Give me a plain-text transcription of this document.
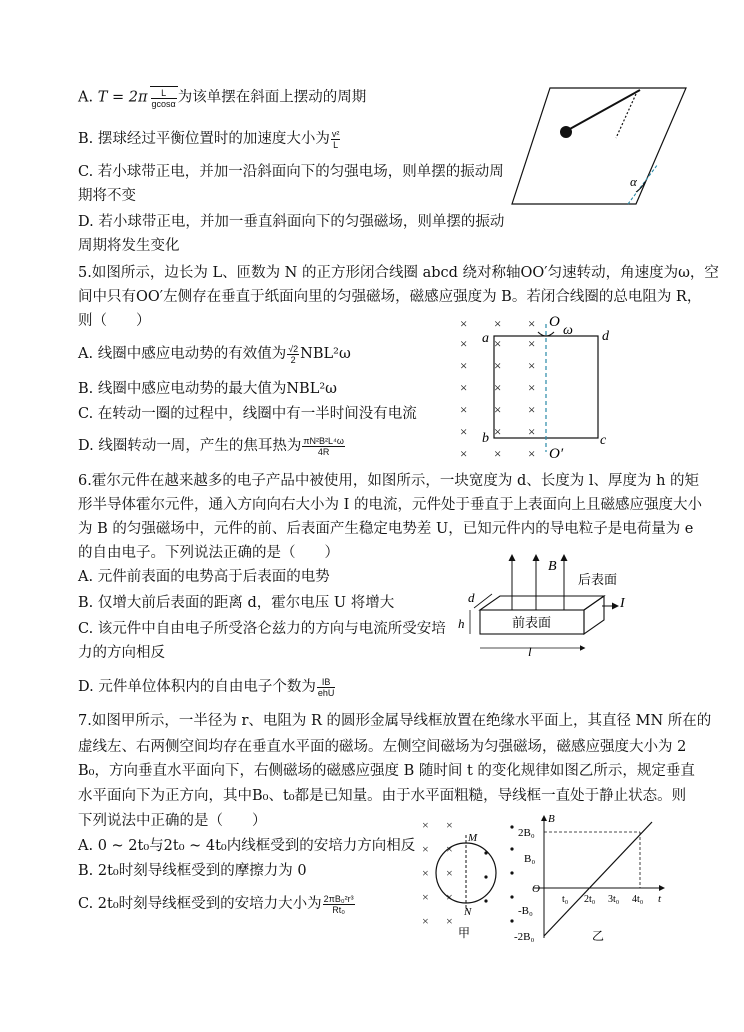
A. $T = 2\pi \frac{L}{gcos\alpha}$ 为该单摆在斜面上摆动的周期
B. 摆球经过平衡位置时的加速度大小为 $\frac{\text{v²}}{L}$
C. 若小球带正电，并加一沿斜面向下的匀强电场，则单摆的振动周
期将不变
D. 若小球带正电，并加一垂直斜面向下的匀强磁场，则单摆的振动
周期将发生变化
α
5.如图所示，边长为 L、匝数为 N 的正方形闭合线圈 abcd 绕对称轴OO′匀速转动，角速度为ω，空
间中只有OO′左侧存在垂直于纸面向里的匀强磁场，磁感应强度为 B。若闭合线圈的总电阻为 R，
则（　　）
A. 线圈中感应电动势的有效值为 $\frac{√2}{2} NBL^2\omega$
B. 线圈中感应电动势的最大值为NBL²ω
C. 在转动一圈的过程中，线圈中有一半时间没有电流
D. 线圈转动一周，产生的焦耳热为 $\frac{\text{πN²B²L⁴ω}}{4R}$
× × ×
× × ×
× × ×
× × ×
× × ×
× × ×
× × ×
O
ω
a	d
b	c
O′
6.霍尔元件在越来越多的电子产品中被使用，如图所示，一块宽度为 d、长度为 l、厚度为 h 的矩
形半导体霍尔元件，通入方向向右大小为 I 的电流，元件处于垂直于上表面向上且磁感应强度大小
为 B 的匀强磁场中，元件的前、后表面产生稳定电势差 U，已知元件内的导电粒子是电荷量为 e
的自由电子。下列说法正确的是（　　）
A. 元件前表面的电势高于后表面的电势
B. 仅增大前后表面的距离 d，霍尔电压 U 将增大
C. 该元件中自由电子所受洛仑兹力的方向与电流所受安培
力的方向相反
D. 元件单位体积内的自由电子个数为 $\frac{IB}{\text{ehU}}$
B
后表面
前表面
I
d
h
l
7.如图甲所示，一半径为 r、电阻为 R 的圆形金属导线框放置在绝缘水平面上，其直径 MN 所在的
虚线左、右两侧空间均存在垂直水平面的磁场。左侧空间磁场为匀强磁场，磁感应强度大小为 2
B₀，方向垂直水平面向下，右侧磁场的磁感应强度 B 随时间 t 的变化规律如图乙所示，规定垂直
水平面向下为正方向，其中B₀、t₀都是已知量。由于水平面粗糙，导线框一直处于静止状态。则
下列说法中正确的是（　　）
A. 0 ~ 2t₀与2t₀ ~ 4t₀内线框受到的安培力方向相反
B. 2t₀时刻导线框受到的摩擦力为 0
C. 2t₀时刻导线框受到的安培力大小为 $\frac{\text{2πB₀²r³}}{\text{Rt₀}}$
× ×
× ×
× ×
× ×
× ×
M
N
甲
B
2B₀
B₀
O
t₀ 2t₀ 3t₀ 4t₀ t
-B₀
-2B₀	乙
